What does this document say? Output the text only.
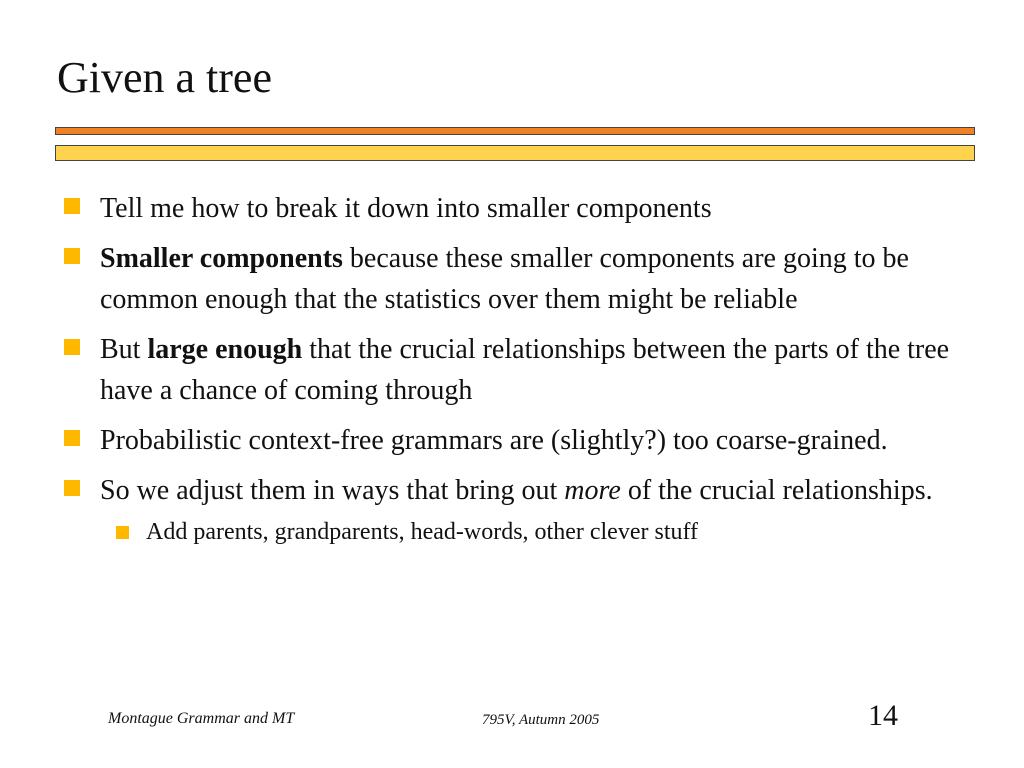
Given a tree
Tell me how to break it down into smaller components
Smaller components because these smaller components are going to be common enough that the statistics over them might be reliable
But large enough that the crucial relationships between the parts of the tree have a chance of coming through
Probabilistic context-free grammars are (slightly?) too coarse-grained.
So we adjust them in ways that bring out more of the crucial relationships.
Add parents, grandparents, head-words, other clever stuff
Montague Grammar and MT	795V, Autumn 2005	14
